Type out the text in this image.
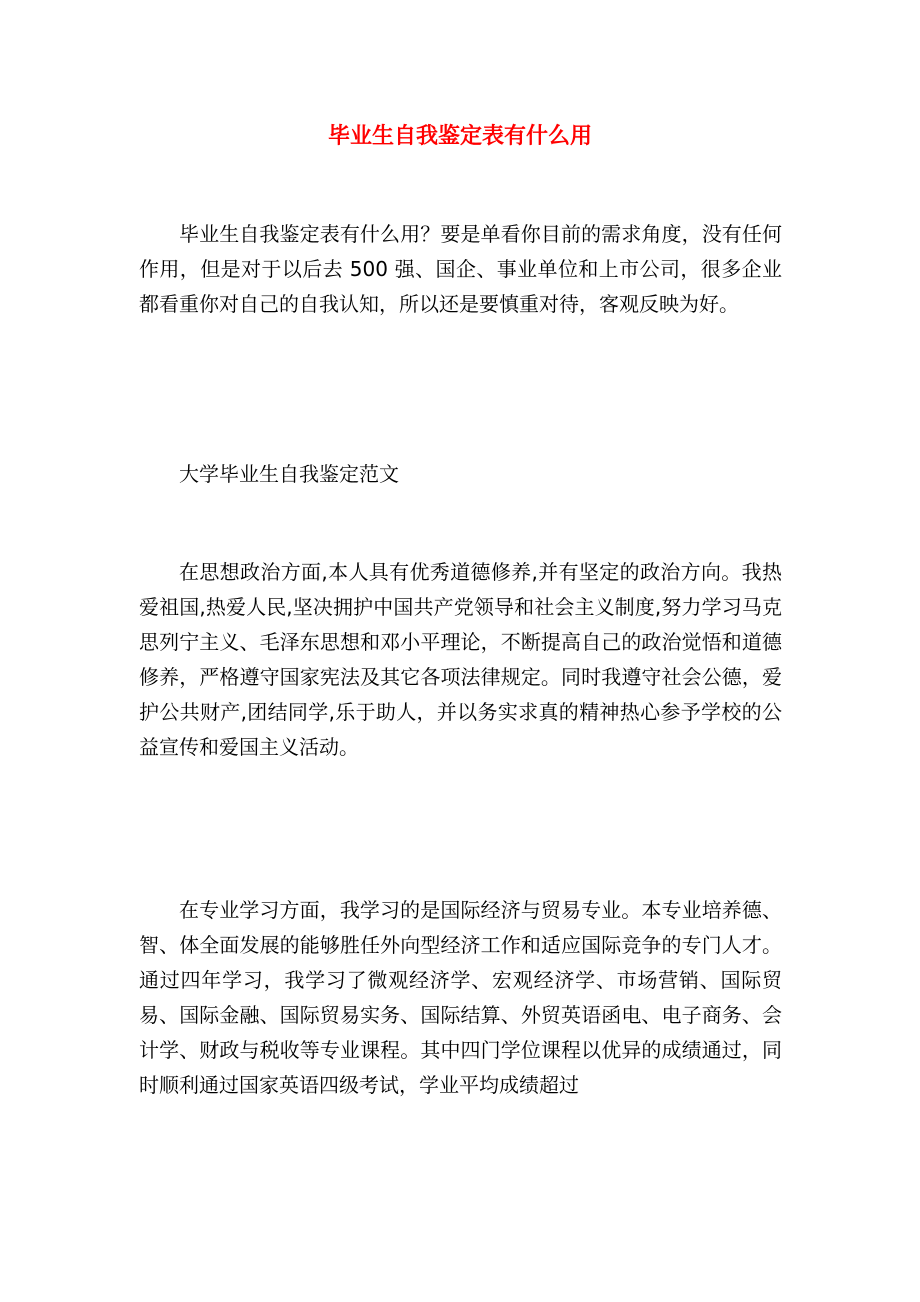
毕业生自我鉴定表有什么用

毕业生自我鉴定表有什么用？要是单看你目前的需求角度，没有任何作用，但是对于以后去 500 强、国企、事业单位和上市公司，很多企业都看重你对自己的自我认知，所以还是要慎重对待，客观反映为好。

大学毕业生自我鉴定范文

在思想政治方面,本人具有优秀道德修养,并有坚定的政治方向。我热爱祖国,热爱人民,坚决拥护中国共产党领导和社会主义制度,努力学习马克思列宁主义、毛泽东思想和邓小平理论，不断提高自己的政治觉悟和道德修养，严格遵守国家宪法及其它各项法律规定。同时我遵守社会公德，爱护公共财产,团结同学,乐于助人，并以务实求真的精神热心参予学校的公益宣传和爱国主义活动。

在专业学习方面，我学习的是国际经济与贸易专业。本专业培养德、智、体全面发展的能够胜任外向型经济工作和适应国际竞争的专门人才。通过四年学习，我学习了微观经济学、宏观经济学、市场营销、国际贸易、国际金融、国际贸易实务、国际结算、外贸英语函电、电子商务、会计学、财政与税收等专业课程。其中四门学位课程以优异的成绩通过，同时顺利通过国家英语四级考试，学业平均成绩超过
